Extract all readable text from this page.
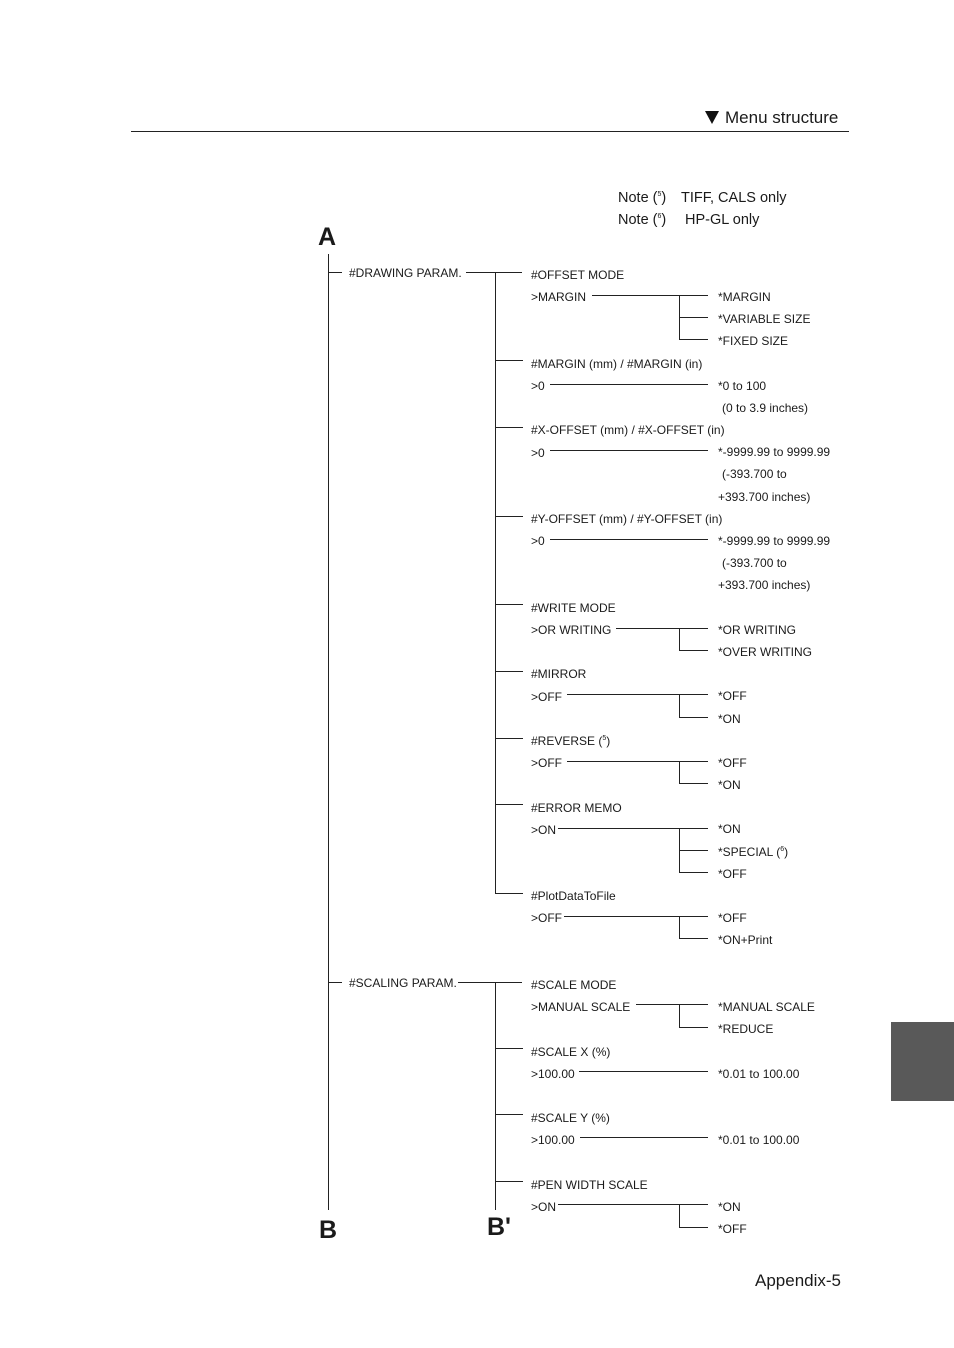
Menu structure
Note ($^5$) TIFF, CALS only
Note ($^6$) HP-GL only
A
B	B'
#DRAWING PARAM.	#OFFSET MODE
>MARGIN	*MARGIN
*VARIABLE SIZE
*FIXED SIZE
#MARGIN (mm) / #MARGIN (in)
>0	*0 to 100
(0 to 3.9 inches)
#X-OFFSET (mm) / #X-OFFSET (in)
>0	*-9999.99 to 9999.99
(-393.700 to
+393.700 inches)
#Y-OFFSET (mm) / #Y-OFFSET (in)
>0	*-9999.99 to 9999.99
(-393.700 to
+393.700 inches)
#WRITE MODE
>OR WRITING	*OR WRITING
*OVER WRITING
#MIRROR
>OFF	*OFF
*ON
#REVERSE ($^5$)
>OFF	*OFF
*ON
#ERROR MEMO
>ON	*ON
*SPECIAL ($^6$)
*OFF
#PlotDataToFile
>OFF	*OFF
*ON+Print
#SCALING PARAM.	#SCALE MODE
>MANUAL SCALE	*MANUAL SCALE
*REDUCE
#SCALE X (%)
>100.00	*0.01 to 100.00
#SCALE Y (%)
>100.00	*0.01 to 100.00
#PEN WIDTH SCALE
>ON	*ON
*OFF
Appendix-5
